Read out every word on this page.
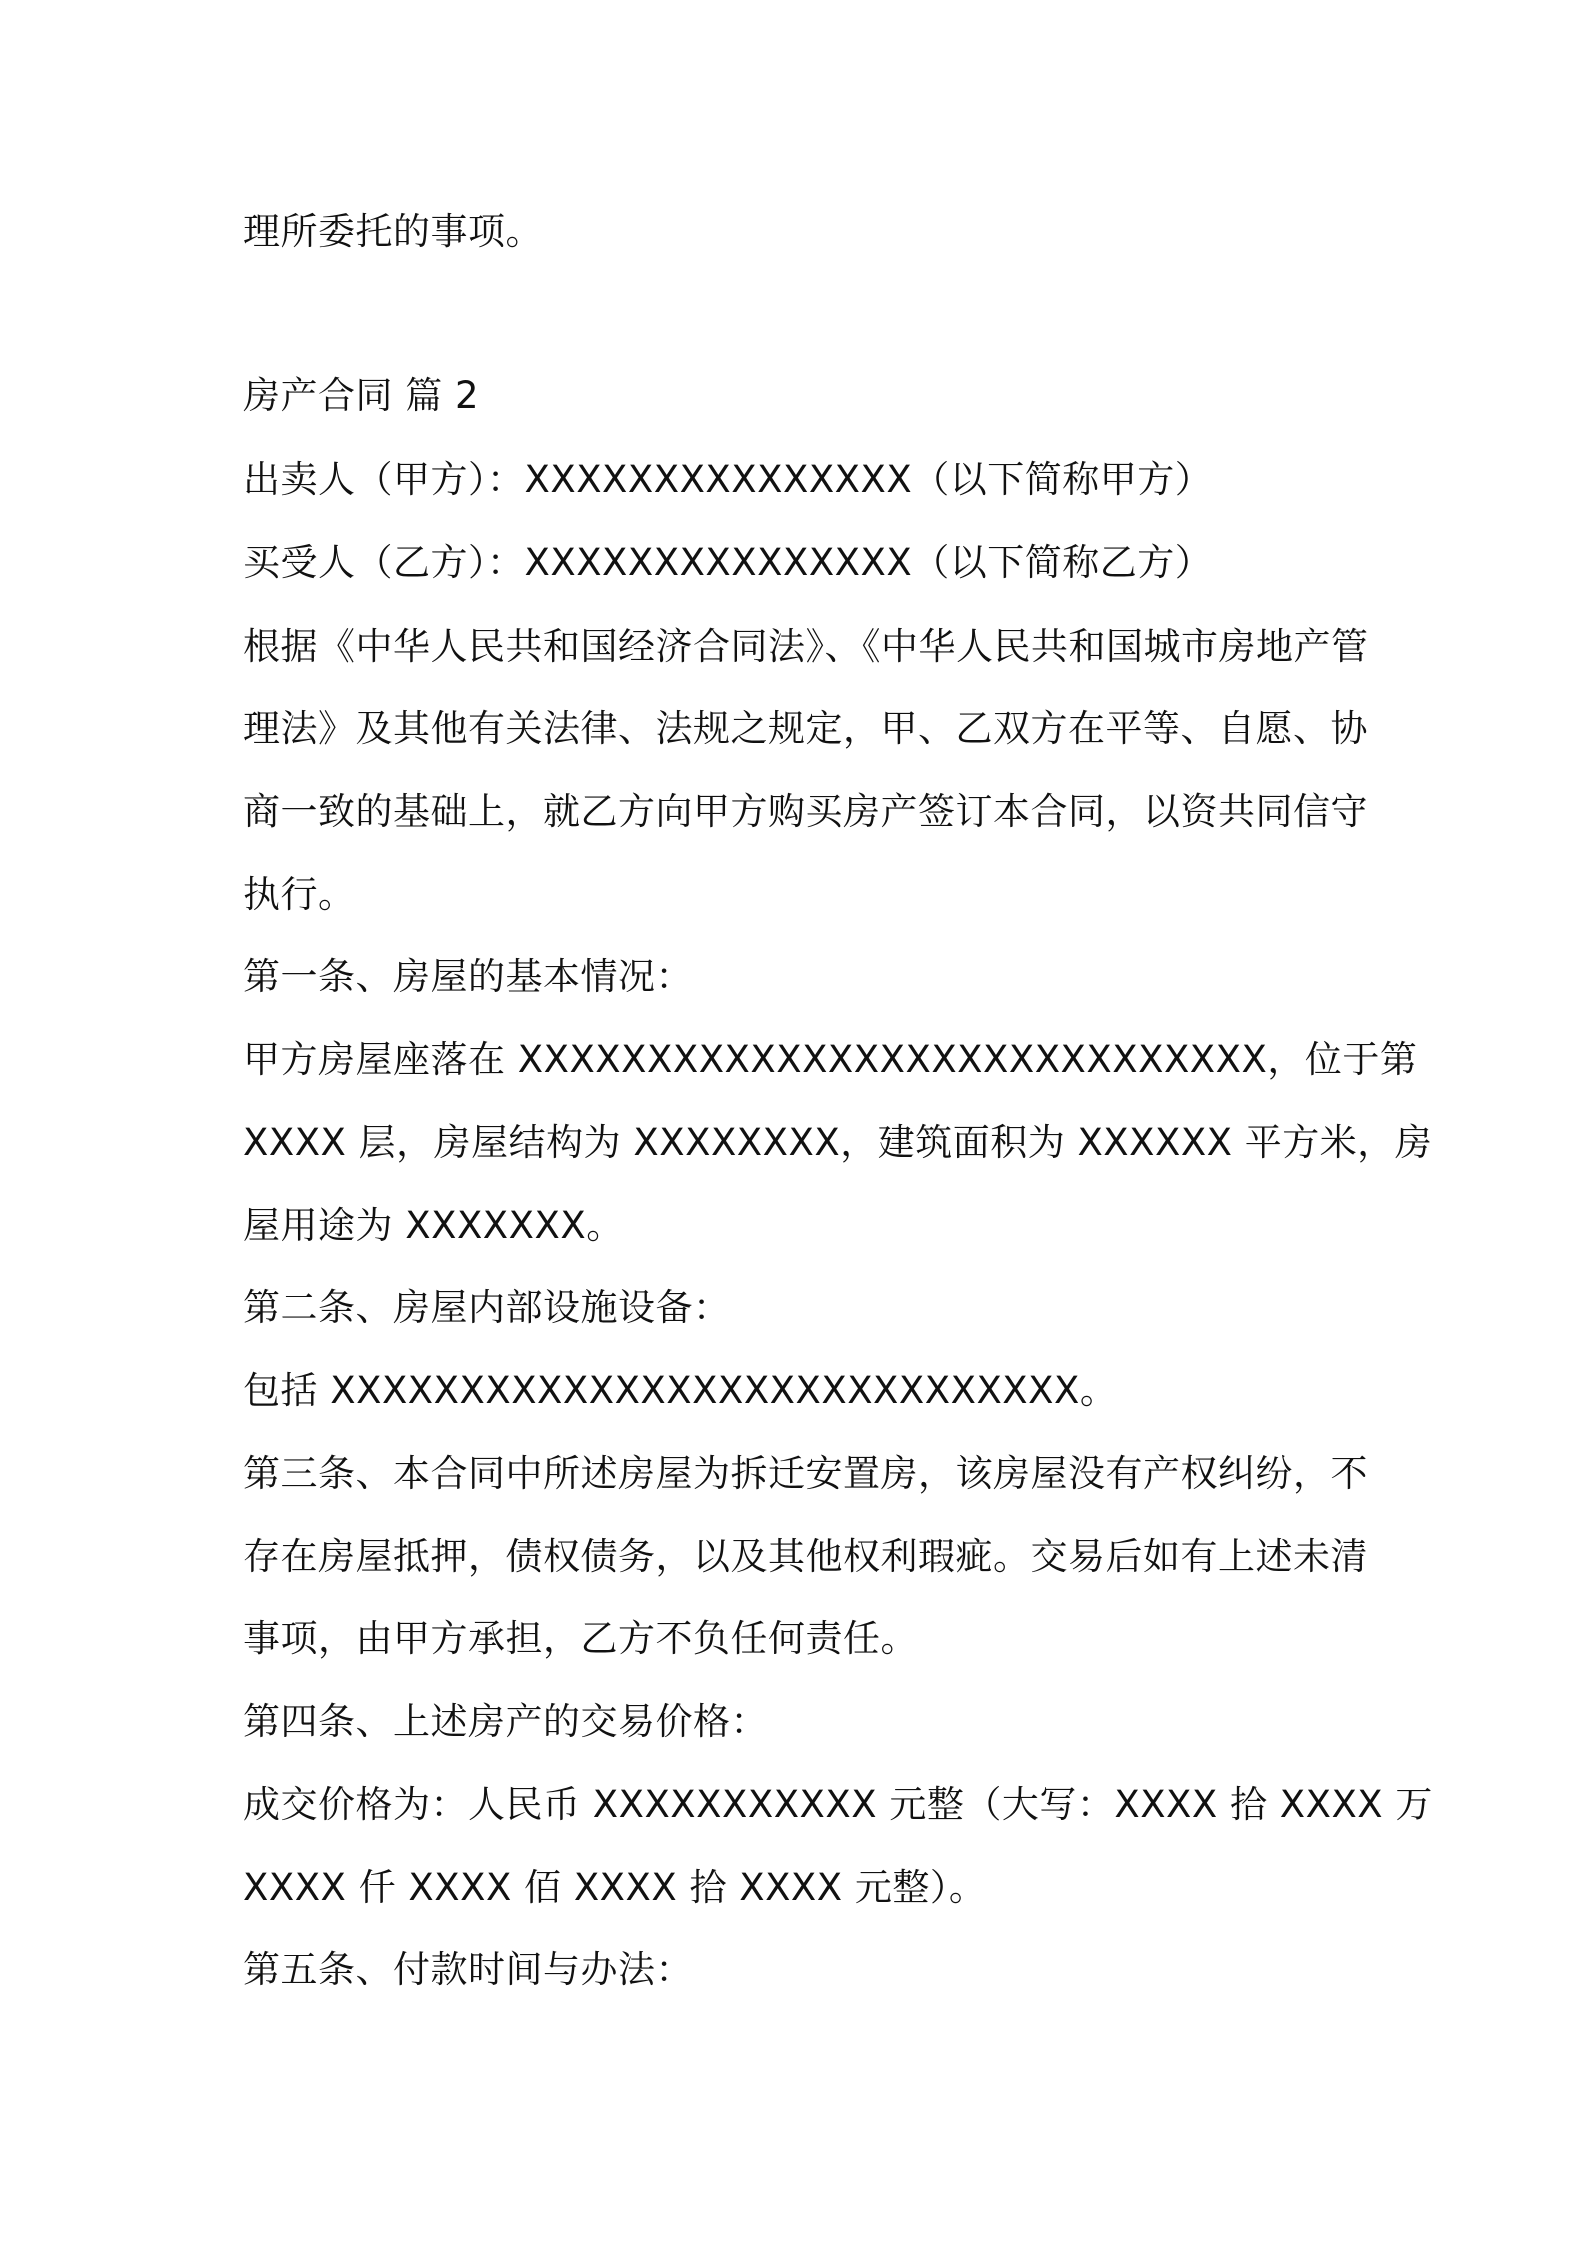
理所委托的事项。
房产合同 篇 2
出卖人（甲方）：XXXXXXXXXXXXXXX（以下简称甲方）
买受人（乙方）：XXXXXXXXXXXXXXX（以下简称乙方）
根据《中华人民共和国经济合同法》、《中华人民共和国城市房地产管
理法》及其他有关法律、法规之规定，甲、乙双方在平等、自愿、协
商一致的基础上，就乙方向甲方购买房产签订本合同，以资共同信守
执行。
第一条、房屋的基本情况：
甲方房屋座落在 XXXXXXXXXXXXXXXXXXXXXXXXXXXXX，位于第
XXXX 层，房屋结构为 XXXXXXXX，建筑面积为 XXXXXX 平方米，房
屋用途为 XXXXXXX。
第二条、房屋内部设施设备：
包括 XXXXXXXXXXXXXXXXXXXXXXXXXXXXX。
第三条、本合同中所述房屋为拆迁安置房，该房屋没有产权纠纷，不
存在房屋抵押，债权债务，以及其他权利瑕疵。交易后如有上述未清
事项，由甲方承担，乙方不负任何责任。
第四条、上述房产的交易价格：
成交价格为：人民币 XXXXXXXXXXX 元整（大写：XXXX 拾 XXXX 万
XXXX 仟 XXXX 佰 XXXX 拾 XXXX 元整）。
第五条、付款时间与办法：
